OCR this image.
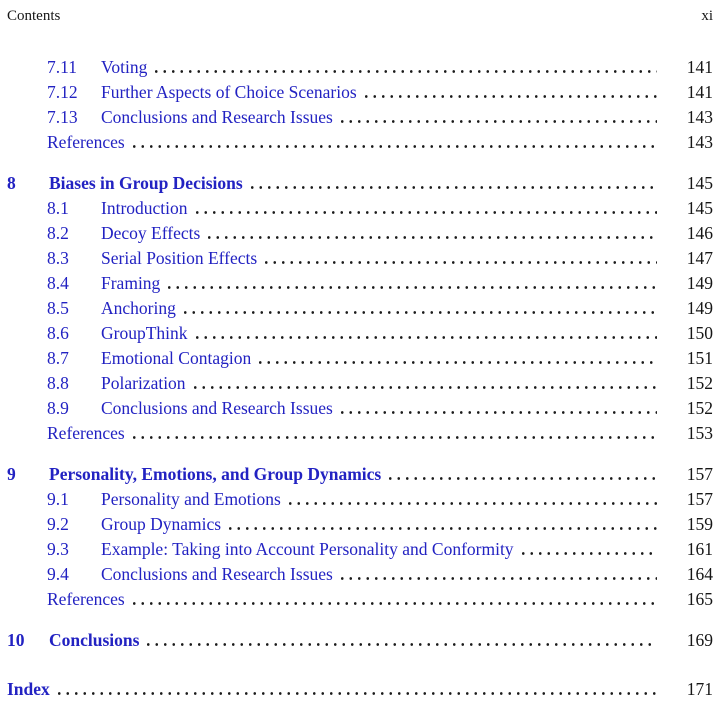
Contents	xi
7.11	Voting	141
7.12	Further Aspects of Choice Scenarios	141
7.13	Conclusions and Research Issues	143
References	143
8	Biases in Group Decisions	145
8.1	Introduction	145
8.2	Decoy Effects	146
8.3	Serial Position Effects	147
8.4	Framing	149
8.5	Anchoring	149
8.6	GroupThink	150
8.7	Emotional Contagion	151
8.8	Polarization	152
8.9	Conclusions and Research Issues	152
References	153
9	Personality, Emotions, and Group Dynamics	157
9.1	Personality and Emotions	157
9.2	Group Dynamics	159
9.3	Example: Taking into Account Personality and Conformity	161
9.4	Conclusions and Research Issues	164
References	165
10	Conclusions	169
Index	171
